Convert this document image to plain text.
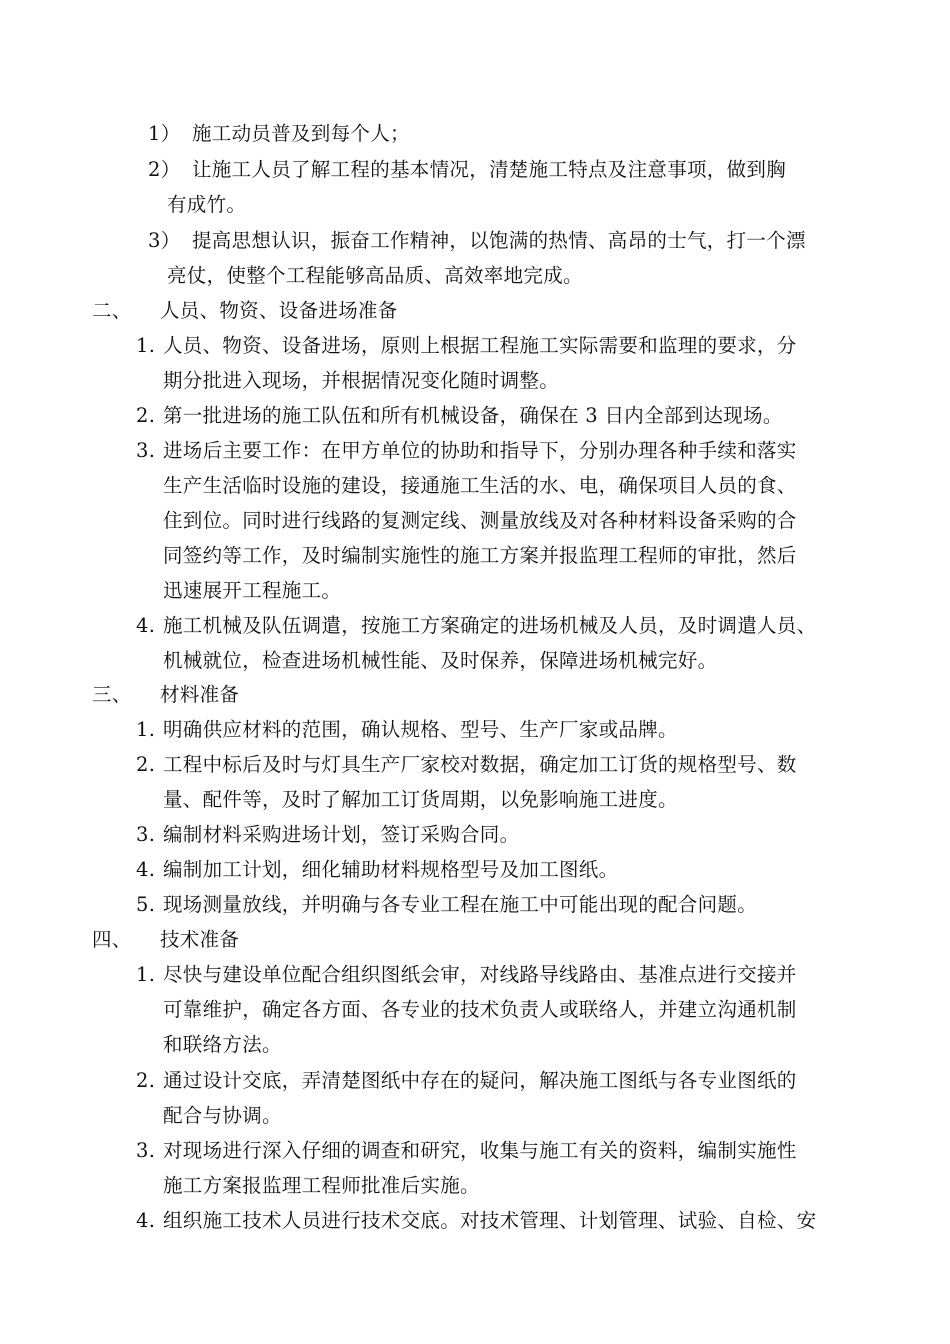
1） 施工动员普及到每个人；
2） 让施工人员了解工程的基本情况，清楚施工特点及注意事项，做到胸
有成竹。
3） 提高思想认识，振奋工作精神，以饱满的热情、高昂的士气，打一个漂
亮仗，使整个工程能够高品质、高效率地完成。
二、 人员、物资、设备进场准备
1. 人员、物资、设备进场，原则上根据工程施工实际需要和监理的要求，分
期分批进入现场，并根据情况变化随时调整。
2. 第一批进场的施工队伍和所有机械设备，确保在 3 日内全部到达现场。
3. 进场后主要工作：在甲方单位的协助和指导下，分别办理各种手续和落实
生产生活临时设施的建设，接通施工生活的水、电，确保项目人员的食、
住到位。同时进行线路的复测定线、测量放线及对各种材料设备采购的合
同签约等工作，及时编制实施性的施工方案并报监理工程师的审批，然后
迅速展开工程施工。
4. 施工机械及队伍调遣，按施工方案确定的进场机械及人员，及时调遣人员、
机械就位，检查进场机械性能、及时保养，保障进场机械完好。
三、 材料准备
1. 明确供应材料的范围，确认规格、型号、生产厂家或品牌。
2. 工程中标后及时与灯具生产厂家校对数据，确定加工订货的规格型号、数
量、配件等，及时了解加工订货周期，以免影响施工进度。
3. 编制材料采购进场计划，签订采购合同。
4. 编制加工计划，细化辅助材料规格型号及加工图纸。
5. 现场测量放线，并明确与各专业工程在施工中可能出现的配合问题。
四、 技术准备
1. 尽快与建设单位配合组织图纸会审，对线路导线路由、基准点进行交接并
可靠维护，确定各方面、各专业的技术负责人或联络人，并建立沟通机制
和联络方法。
2. 通过设计交底，弄清楚图纸中存在的疑问，解决施工图纸与各专业图纸的
配合与协调。
3. 对现场进行深入仔细的调查和研究，收集与施工有关的资料，编制实施性
施工方案报监理工程师批准后实施。
4. 组织施工技术人员进行技术交底。对技术管理、计划管理、试验、自检、安
